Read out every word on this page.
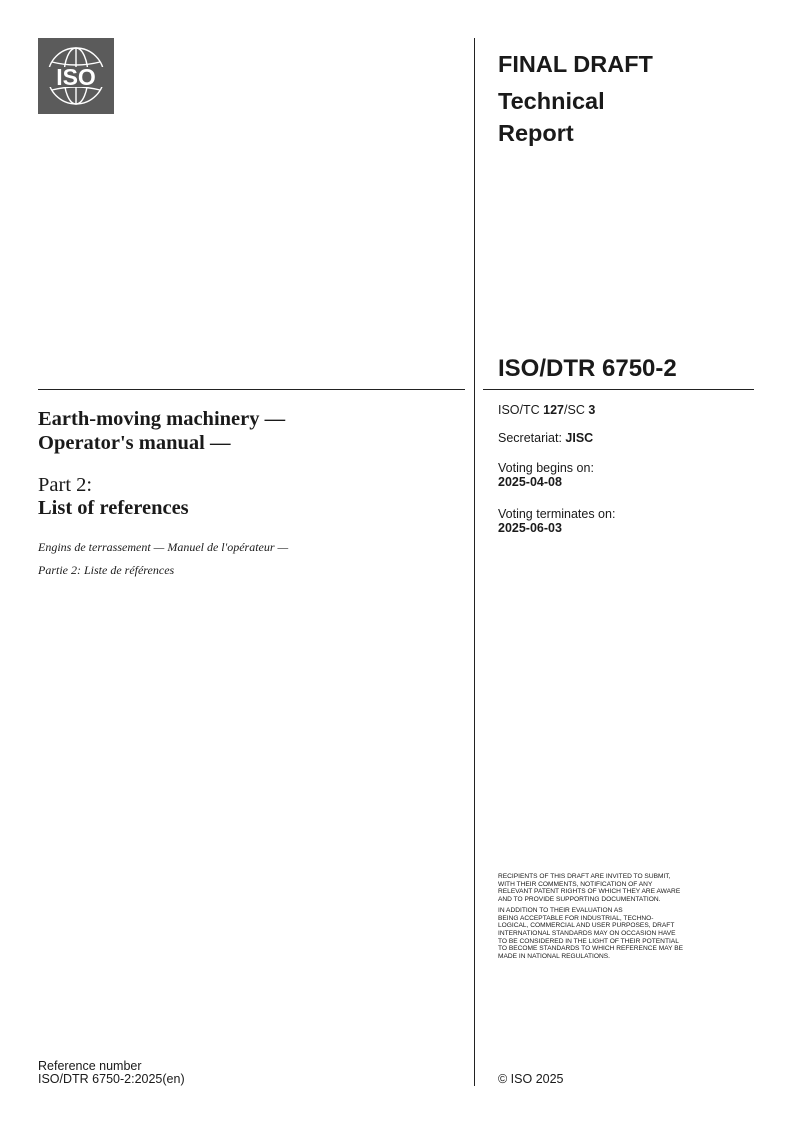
ISO	FINAL DRAFT
Technical
Report
ISO/DTR 6750-2
ISO/TC 127/SC 3
Secretariat: JISC
Voting begins on:
2025-04-08
Voting terminates on:
2025-06-03
Earth-moving machinery —
Operator's manual —
Part 2:
List of references
Engins de terrassement — Manuel de l'opérateur —
Partie 2: Liste de références

RECIPIENTS OF THIS DRAFT ARE INVITED TO SUBMIT,
WITH THEIR COMMENTS, NOTIFICATION OF ANY
RELEVANT PATENT RIGHTS OF WHICH THEY ARE AWARE
AND TO PROVIDE SUPPORTING DOCUMENTATION.

IN ADDITION TO THEIR EVALUATION AS
BEING ACCEPTABLE FOR INDUSTRIAL, TECHNO-
LOGICAL, COMMERCIAL AND USER PURPOSES, DRAFT
INTERNATIONAL STANDARDS MAY ON OCCASION HAVE
TO BE CONSIDERED IN THE LIGHT OF THEIR POTENTIAL
TO BECOME STANDARDS TO WHICH REFERENCE MAY BE
MADE IN NATIONAL REGULATIONS.

Reference number
ISO/DTR 6750-2:2025(en)	© ISO 2025
